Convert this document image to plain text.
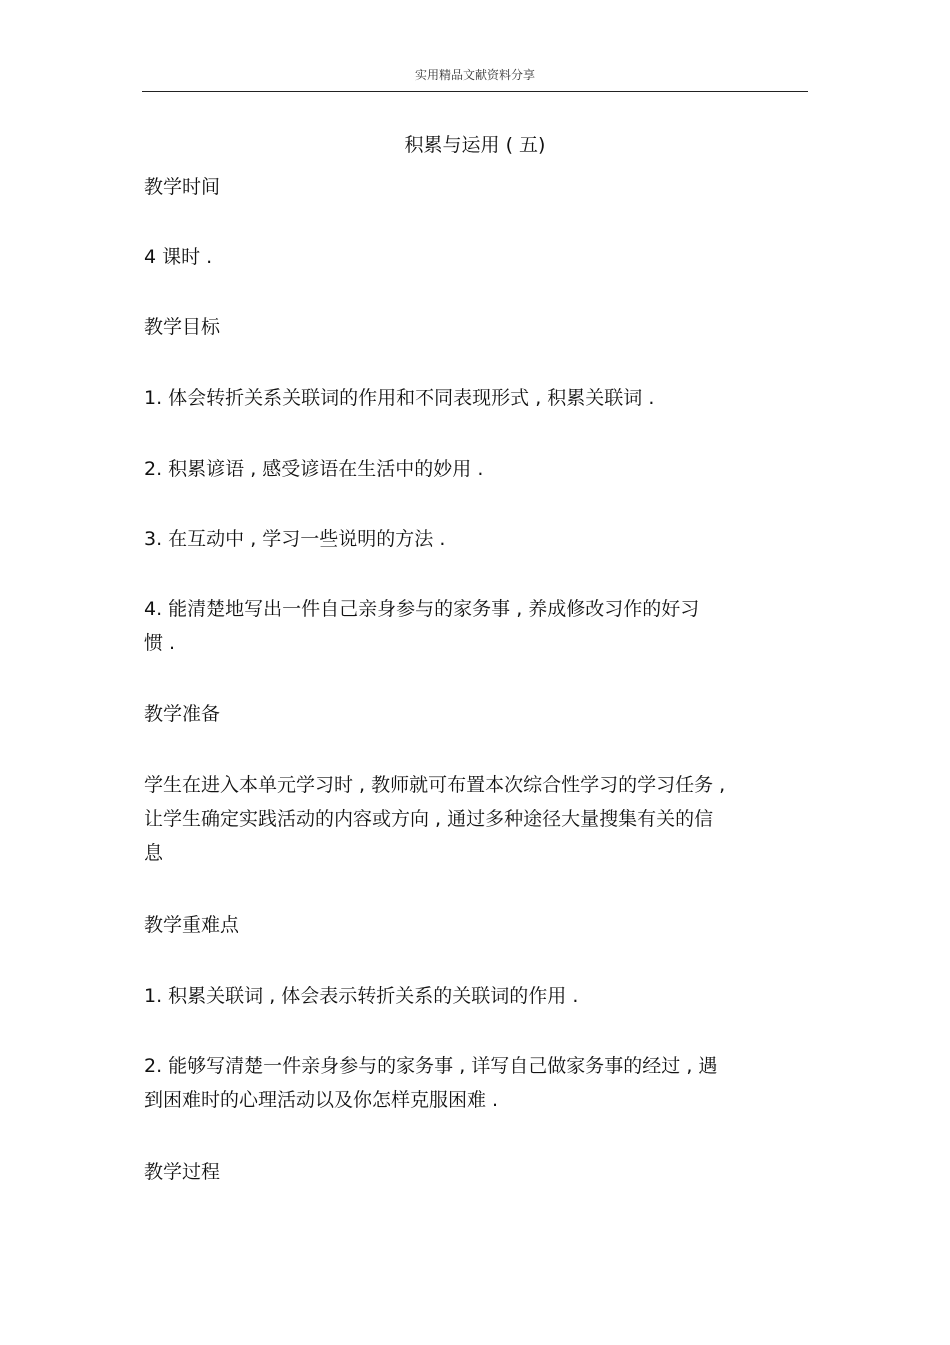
实用精品文献资料分享
积累与运用 ( 五)
教学时间
4 课时 .
教学目标
1. 体会转折关系关联词的作用和不同表现形式 , 积累关联词 .
2. 积累谚语 , 感受谚语在生活中的妙用 .
3. 在互动中 , 学习一些说明的方法 .
4. 能清楚地写出一件自己亲身参与的家务事 , 养成修改习作的好习
惯 .
教学准备
学生在进入本单元学习时 , 教师就可布置本次综合性学习的学习任务 ,
让学生确定实践活动的内容或方向 , 通过多种途径大量搜集有关的信
息
教学重难点
1. 积累关联词 , 体会表示转折关系的关联词的作用 .
2. 能够写清楚一件亲身参与的家务事 , 详写自己做家务事的经过 , 遇
到困难时的心理活动以及你怎样克服困难 .
教学过程
